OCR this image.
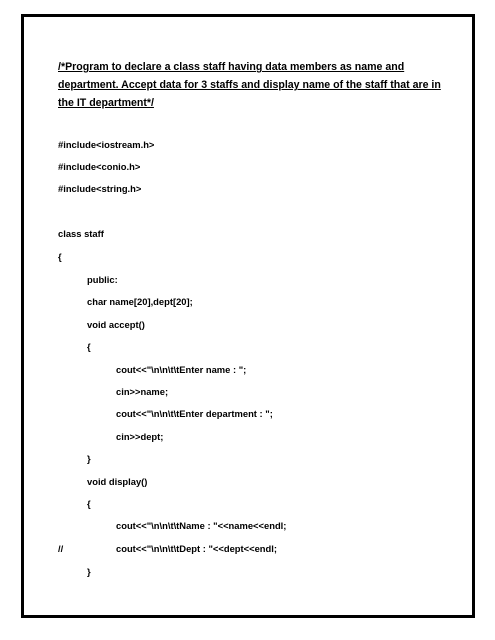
/*Program to declare a class staff having data members as name and department. Accept data for 3 staffs and display name of the staff that are in the IT department*/

#include<iostream.h>
#include<conio.h>
#include<string.h>
class staff
{
public:
char name[20],dept[20];
void accept()
{
cout<<"\n\n\t\tEnter name : ";
cin>>name;
cout<<"\n\n\t\tEnter department : ";
cin>>dept;
}
void display()
{
cout<<"\n\n\t\tName : "<<name<<endl;
//	cout<<"\n\n\t\tDept : "<<dept<<endl;
}
